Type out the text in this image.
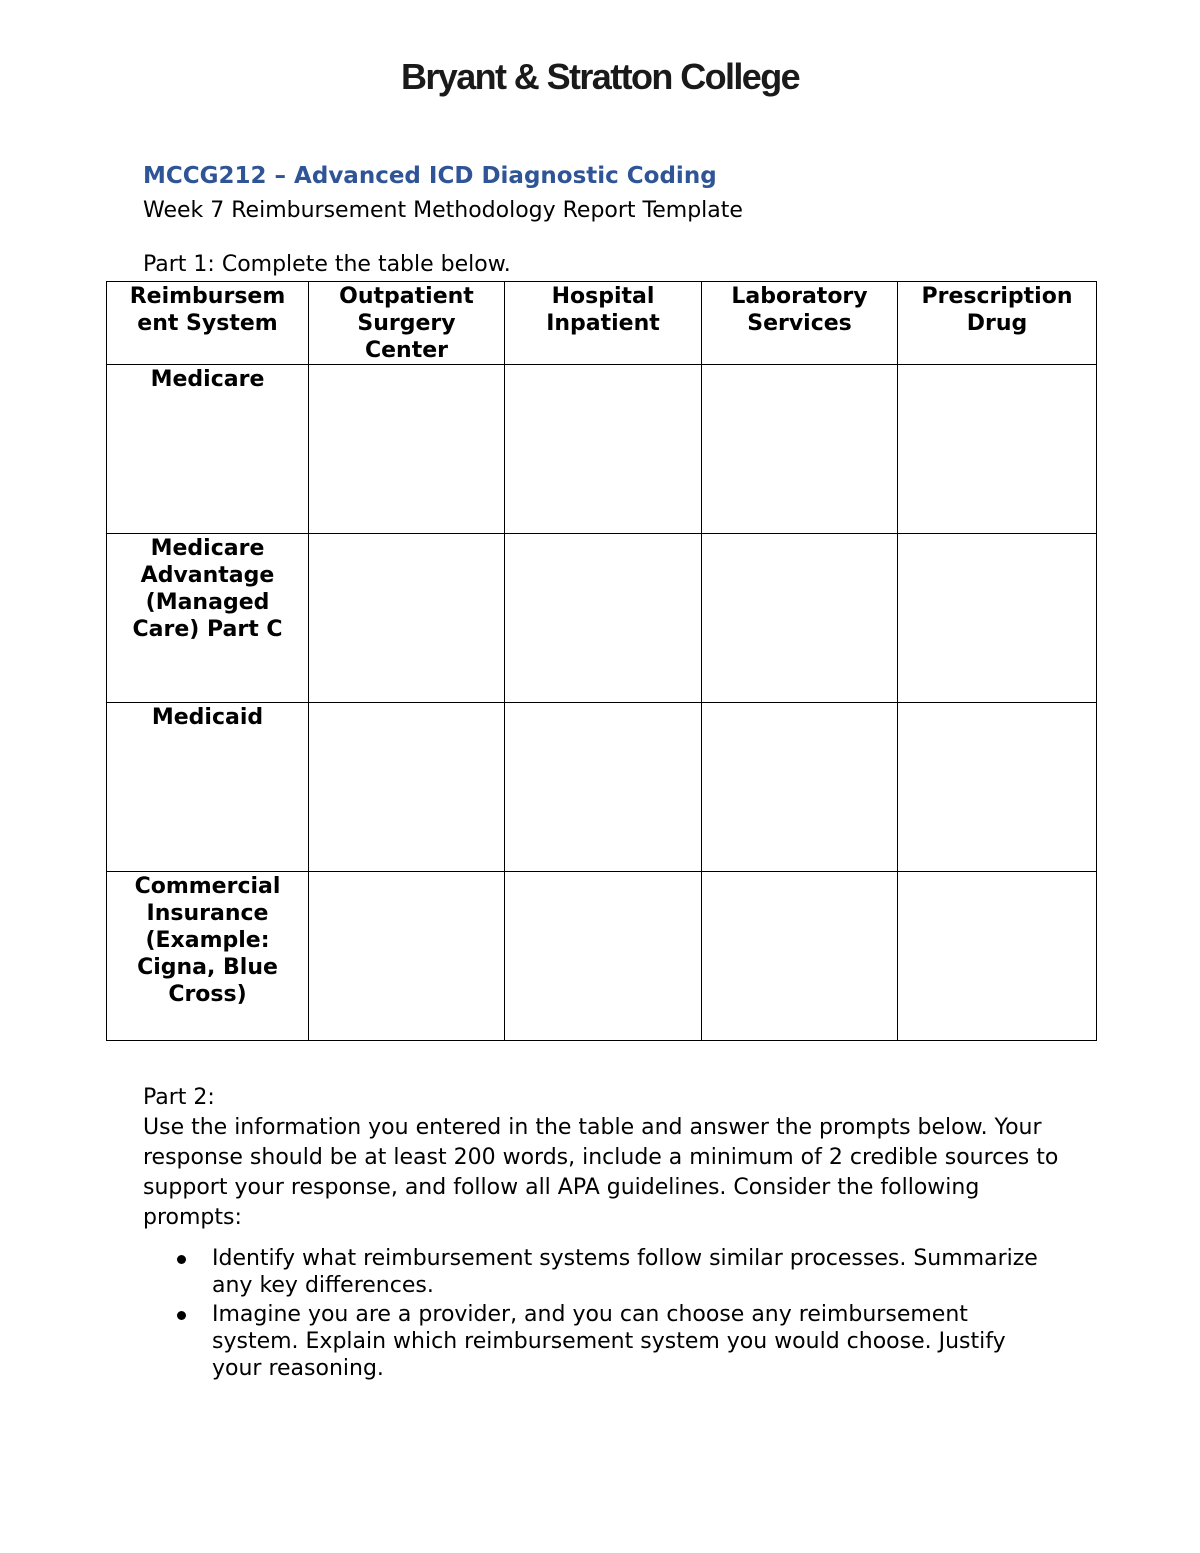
Bryant & Stratton College
MCCG212 – Advanced ICD Diagnostic Coding
Week 7 Reimbursement Methodology Report Template
Part 1: Complete the table below.
Reimbursem ent System	Outpatient Surgery Center	Hospital Inpatient	Laboratory Services	Prescription Drug
Medicare				
Medicare Advantage (Managed Care) Part C				
Medicaid				
Commercial Insurance (Example: Cigna, Blue Cross)				

Part 2:

Use the information you entered in the table and answer the prompts below. Your response should be at least 200 words, include a minimum of 2 credible sources to support your response, and follow all APA guidelines. Consider the following prompts:

Identify what reimbursement systems follow similar processes. Summarize any key differences.
Imagine you are a provider, and you can choose any reimbursement system. Explain which reimbursement system you would choose. Justify your reasoning.
